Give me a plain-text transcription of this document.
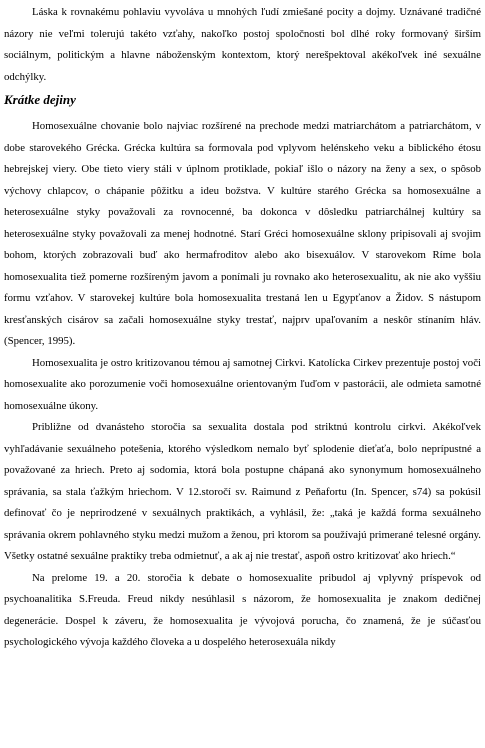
Láska k rovnakému pohlaviu vyvoláva u mnohých ľudí zmiešané pocity a dojmy. Uznávané tradičné názory nie veľmi tolerujú takéto vzťahy, nakoľko postoj spoločnosti bol dlhé roky formovaný širším sociálnym, politickým a hlavne náboženským kontextom, ktorý nerešpektoval akékoľvek iné sexuálne odchýlky.

Krátke dejiny

Homosexuálne chovanie bolo najviac rozšírené na prechode medzi matriarchátom a patriarchátom, v dobe starovekého Grécka. Grécka kultúra sa formovala pod vplyvom helénskeho veku a biblického étosu hebrejskej viery. Obe tieto viery stáli v úplnom protiklade, pokiaľ išlo o názory na ženy a sex, o spôsob výchovy chlapcov, o chápanie pôžitku a ideu božstva. V kultúre starého Grécka sa homosexuálne a heterosexuálne styky považovali za rovnocenné, ba dokonca v dôsledku patriarchálnej kultúry sa heterosexuálne styky považovali za menej hodnotné. Starí Gréci homosexuálne sklony pripisovali aj svojim bohom, ktorých zobrazovali buď ako hermafroditov alebo ako bisexuálov. V starovekom Ríme bola homosexualita tiež pomerne rozšíreným javom a ponímali ju rovnako ako heterosexualitu, ak nie ako vyššiu formu vzťahov. V starovekej kultúre bola homosexualita trestaná len u Egypťanov a Židov. S nástupom kresťanských cisárov sa začali homosexuálne styky trestať, najprv upaľovaním a neskôr stínaním hláv. (Spencer, 1995).

Homosexualita je ostro kritizovanou témou aj samotnej Cirkvi. Katolícka Cirkev prezentuje postoj voči homosexualite ako porozumenie voči homosexuálne orientovaným ľuďom v pastorácii, ale odmieta samotné homosexuálne úkony.

Približne od dvanásteho storočia sa sexualita dostala pod striktnú kontrolu cirkvi. Akékoľvek vyhľadávanie sexuálneho potešenia, ktorého výsledkom nemalo byť splodenie dieťaťa, bolo neprípustné a považované za hriech. Preto aj sodomia, ktorá bola postupne chápaná ako synonymum homosexuálneho správania, sa stala ťažkým hriechom. V 12.storočí sv. Raimund z Peňafortu (In. Spencer, s74) sa pokúsil definovať čo je neprirodzené v sexuálnych praktikách, a vyhlásil, že: „taká je každá forma sexuálneho správania okrem pohlavného styku medzi mužom a ženou, pri ktorom sa používajú primerané telesné orgány. Všetky ostatné sexuálne praktiky treba odmietnuť, a ak aj nie trestať, aspoň ostro kritizovať ako hriech.“

Na prelome 19. a 20. storočia k debate o homosexualite pribudol aj vplyvný príspevok od psychoanalitika S.Freuda. Freud nikdy nesúhlasil s názorom, že homosexualita je znakom dedičnej degenerácie. Dospel k záveru, že homosexualita je vývojová porucha, čo znamená, že je súčasťou psychologického vývoja každého človeka a u dospelého heterosexuála nikdy
